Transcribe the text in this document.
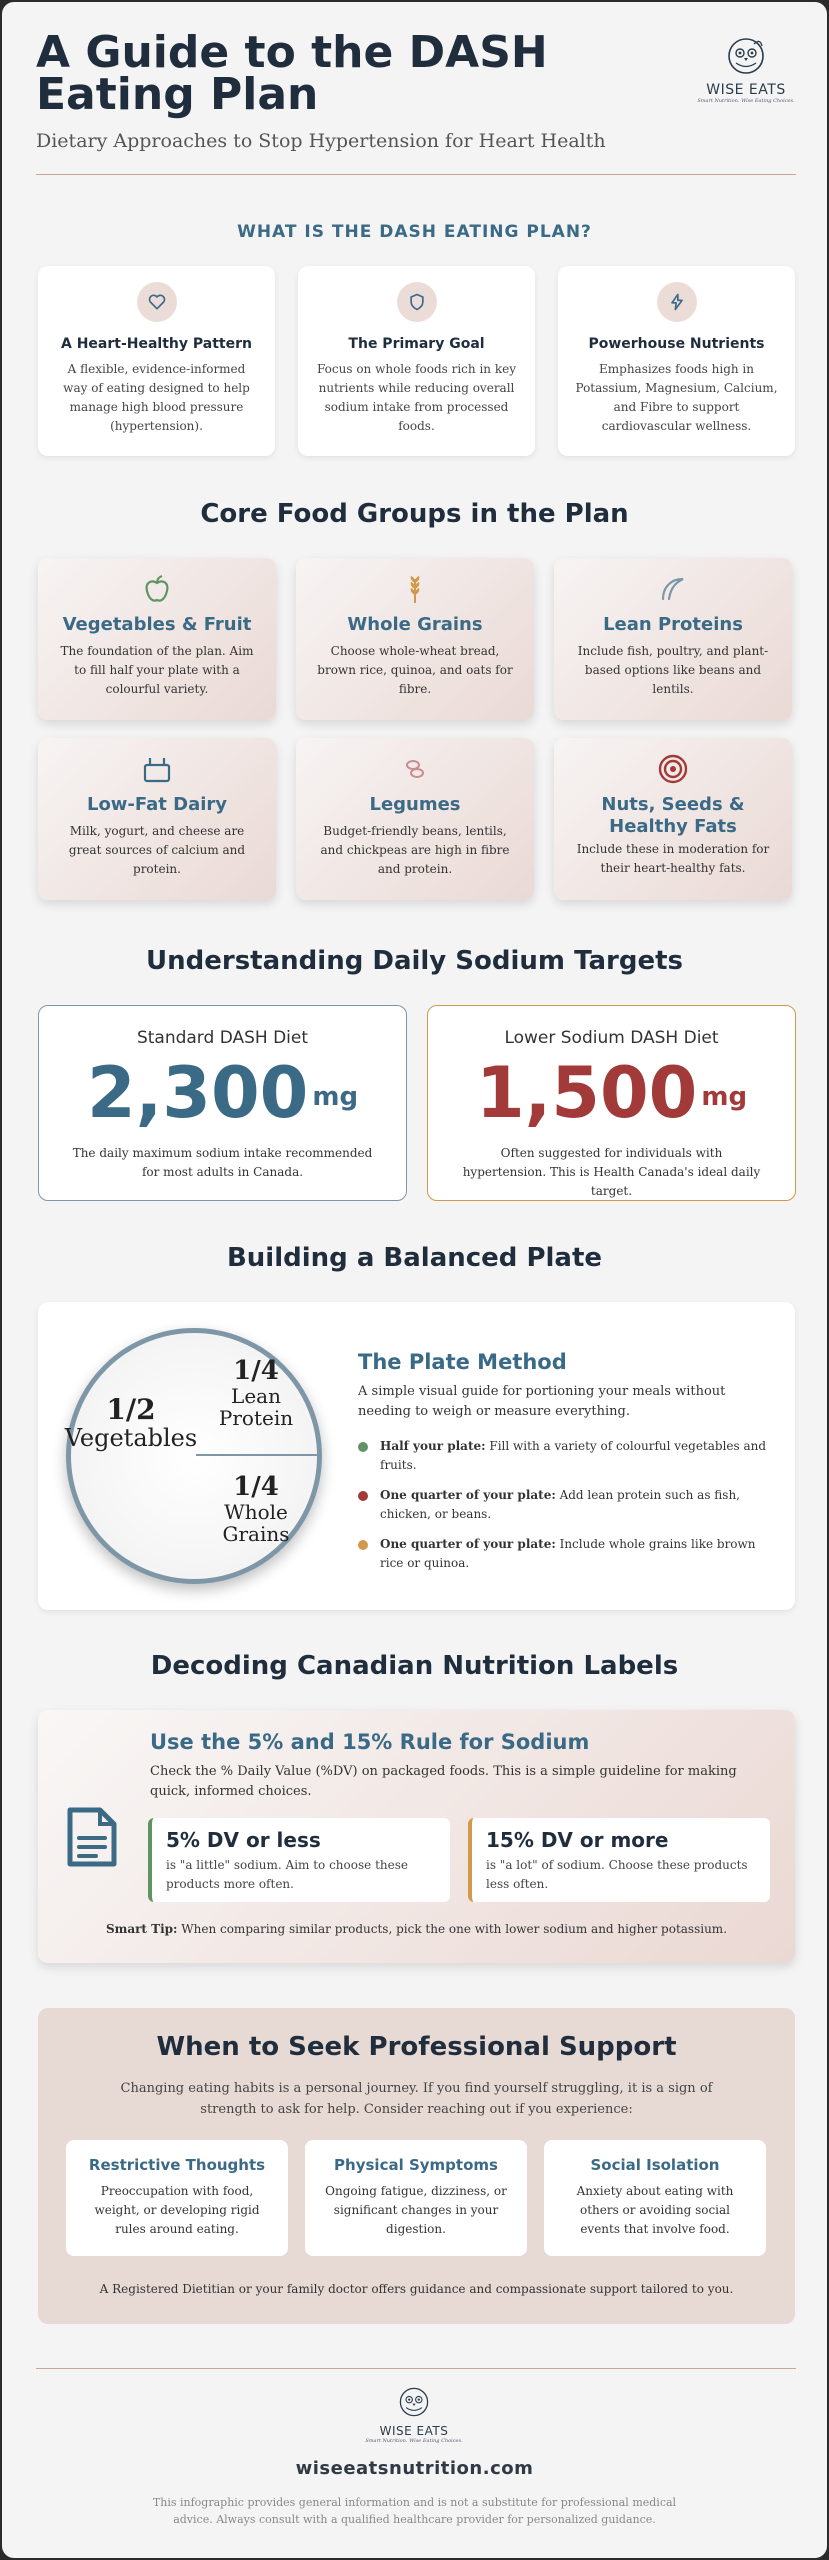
A Guide to the DASH Eating Plan
Dietary Approaches to Stop Hypertension for Heart Health
WISE EATS
Smart Nutrition. Wise Eating Choices.
WHAT IS THE DASH EATING PLAN?
A Heart-Healthy Pattern
A flexible, evidence-informed way of eating designed to help manage high blood pressure (hypertension).
The Primary Goal
Focus on whole foods rich in key nutrients while reducing overall sodium intake from processed foods.
Powerhouse Nutrients
Emphasizes foods high in Potassium, Magnesium, Calcium, and Fibre to support cardiovascular wellness.
Core Food Groups in the Plan
Vegetables & Fruit
The foundation of the plan. Aim to fill half your plate with a colourful variety.
Whole Grains
Choose whole-wheat bread, brown rice, quinoa, and oats for fibre.
Lean Proteins
Include fish, poultry, and plant-based options like beans and lentils.
Low-Fat Dairy
Milk, yogurt, and cheese are great sources of calcium and protein.
Legumes
Budget-friendly beans, lentils, and chickpeas are high in fibre and protein.
Nuts, Seeds & Healthy Fats
Include these in moderation for their heart-healthy fats.
Understanding Daily Sodium Targets
Standard DASH Diet
2,300 mg
The daily maximum sodium intake recommended for most adults in Canada.
Lower Sodium DASH Diet
1,500 mg
Often suggested for individuals with hypertension. This is Health Canada's ideal daily target.
Building a Balanced Plate
1/2
Vegetables
1/4
Lean Protein
1/4
Whole Grains
The Plate Method
A simple visual guide for portioning your meals without needing to weigh or measure everything.
Half your plate: Fill with a variety of colourful vegetables and fruits.
One quarter of your plate: Add lean protein such as fish, chicken, or beans.
One quarter of your plate: Include whole grains like brown rice or quinoa.
Decoding Canadian Nutrition Labels
Use the 5% and 15% Rule for Sodium
Check the % Daily Value (%DV) on packaged foods. This is a simple guideline for making quick, informed choices.
5% DV or less
is "a little" sodium. Aim to choose these products more often.
15% DV or more
is "a lot" of sodium. Choose these products less often.
Smart Tip: When comparing similar products, pick the one with lower sodium and higher potassium.
When to Seek Professional Support
Changing eating habits is a personal journey. If you find yourself struggling, it is a sign of strength to ask for help. Consider reaching out if you experience:
Restrictive Thoughts
Preoccupation with food, weight, or developing rigid rules around eating.
Physical Symptoms
Ongoing fatigue, dizziness, or significant changes in your digestion.
Social Isolation
Anxiety about eating with others or avoiding social events that involve food.
A Registered Dietitian or your family doctor offers guidance and compassionate support tailored to you.
WISE EATS
Smart Nutrition. Wise Eating Choices.
wiseeatsnutrition.com
This infographic provides general information and is not a substitute for professional medical advice. Always consult with a qualified healthcare provider for personalized guidance.
